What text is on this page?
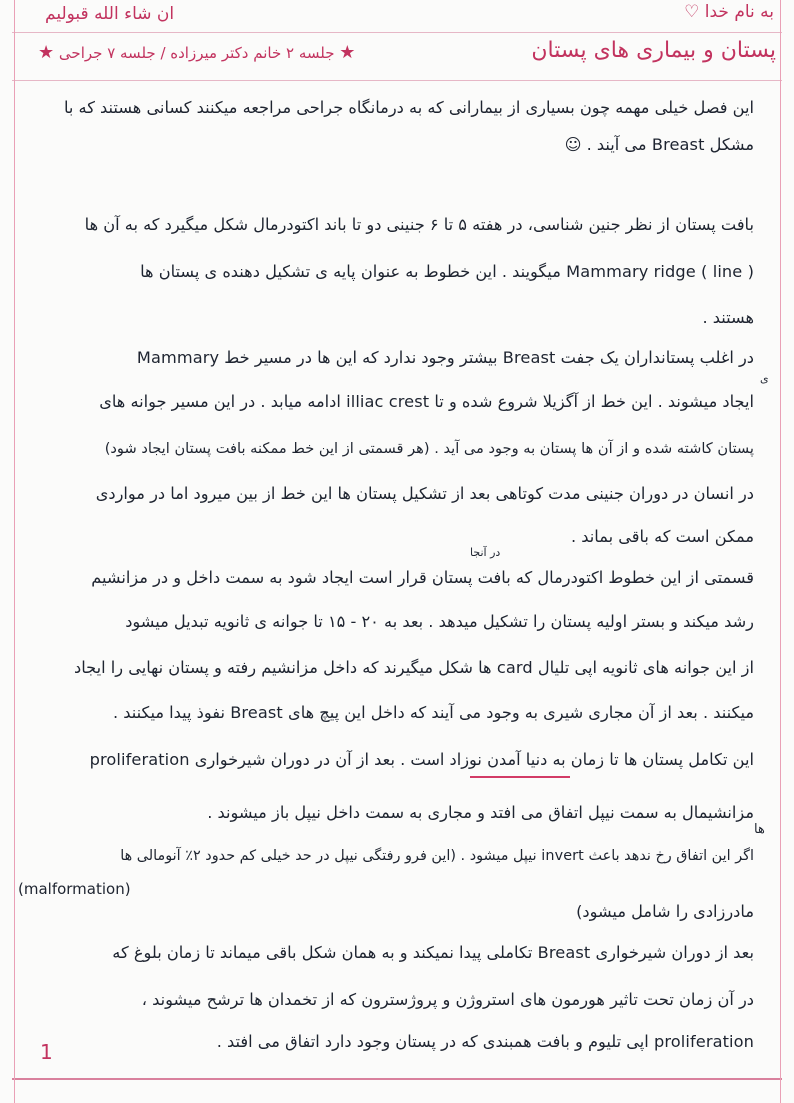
ان شاء الله قبولیم	به نام خدا ♡
پستان و بیماری های پستان
★ جلسه ۲ خانم دکتر میرزاده / جلسه ۷ جراحی ★
این فصل خیلی مهمه چون بسیاری از بیمارانی که به درمانگاه جراحی مراجعه میکنند کسانی هستند که با
مشکل Breast می آیند . ☺
بافت پستان از نظر جنین شناسی، در هفته ۵ تا ۶ جنینی دو تا باند اکتودرمال شکل میگیرد که به آن ها
Mammary ridge ( line ) میگویند . این خطوط به عنوان پایه ی تشکیل دهنده ی پستان ها
هستند .
در اغلب پستانداران یک جفت Breast بیشتر وجود ندارد که این ها در مسیر خط Mammary
ی
ایجاد میشوند . این خط از آگزیلا شروع شده و تا illiac crest ادامه میابد . در این مسیر جوانه های
پستان کاشته شده و از آن ها پستان به وجود می آید . (هر قسمتی از این خط ممکنه بافت پستان ایجاد شود)
در انسان در دوران جنینی مدت کوتاهی بعد از تشکیل پستان ها این خط از بین میرود اما در مواردی
ممکن است که باقی بماند .
در آنجا
قسمتی از این خطوط اکتودرمال که بافت پستان قرار است ایجاد شود به سمت داخل و در مزانشیم
رشد میکند و بستر اولیه پستان را تشکیل میدهد . بعد به ۲۰ - ۱۵ تا جوانه ی ثانویه تبدیل میشود
از این جوانه های ثانویه اپی تلیال card ها شکل میگیرند که داخل مزانشیم رفته و پستان نهایی را ایجاد
میکنند . بعد از آن مجاری شیری به وجود می آیند که داخل این پیچ های Breast نفوذ پیدا میکنند .
این تکامل پستان ها تا زمان به دنیا آمدن نوزاد است . بعد از آن در دوران شیرخواری proliferation
مزانشیمال به سمت نیپل اتفاق می افتد و مجاری به سمت داخل نیپل باز میشوند .
ها
اگر این اتفاق رخ ندهد باعث invert نیپل میشود . (این فرو رفتگی نیپل در حد خیلی کم حدود ۲٪ آنومالی ها
(malformation)
مادرزادی را شامل میشود)
بعد از دوران شیرخواری Breast تکاملی پیدا نمیکند و به همان شکل باقی میماند تا زمان بلوغ که
در آن زمان تحت تاثیر هورمون های استروژن و پروژسترون که از تخمدان ها ترشح میشوند ،
proliferation اپی تلیوم و بافت همبندی که در پستان وجود دارد اتفاق می افتد .
1
